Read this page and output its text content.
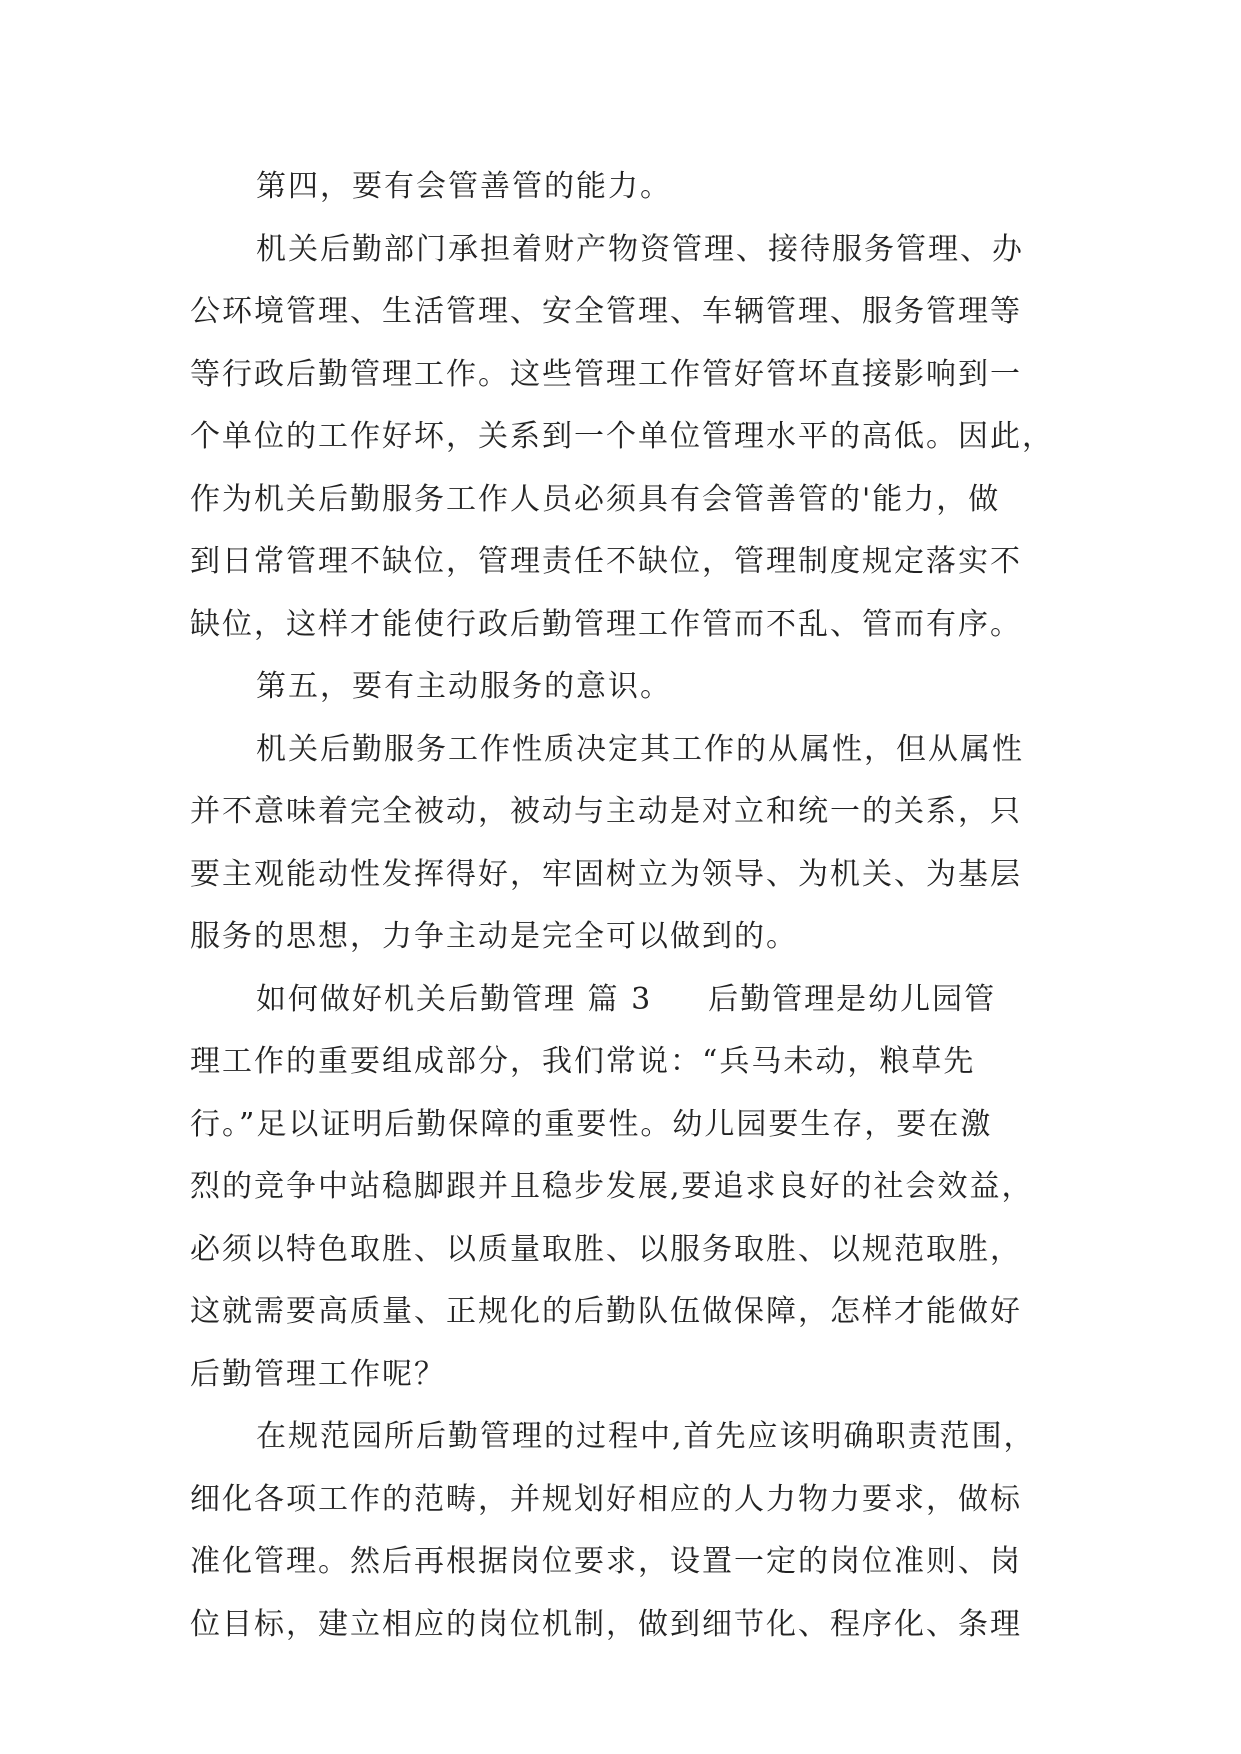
第四，要有会管善管的能力。
机关后勤部门承担着财产物资管理、接待服务管理、办
公环境管理、生活管理、安全管理、车辆管理、服务管理等
等行政后勤管理工作。这些管理工作管好管坏直接影响到一
个单位的工作好坏，关系到一个单位管理水平的高低。因此，
作为机关后勤服务工作人员必须具有会管善管的'能力，做
到日常管理不缺位，管理责任不缺位，管理制度规定落实不
缺位，这样才能使行政后勤管理工作管而不乱、管而有序。
第五，要有主动服务的意识。
机关后勤服务工作性质决定其工作的从属性，但从属性
并不意味着完全被动，被动与主动是对立和统一的关系，只
要主观能动性发挥得好，牢固树立为领导、为机关、为基层
服务的思想，力争主动是完全可以做到的。
如何做好机关后勤管理 篇 3 后勤管理是幼儿园管
理工作的重要组成部分，我们常说：“兵马未动，粮草先
行。”足以证明后勤保障的重要性。幼儿园要生存，要在激
烈的竞争中站稳脚跟并且稳步发展,要追求良好的社会效益，
必须以特色取胜、以质量取胜、以服务取胜、以规范取胜，
这就需要高质量、正规化的后勤队伍做保障，怎样才能做好
后勤管理工作呢？
在规范园所后勤管理的过程中,首先应该明确职责范围，
细化各项工作的范畴，并规划好相应的人力物力要求，做标
准化管理。然后再根据岗位要求，设置一定的岗位准则、岗
位目标，建立相应的岗位机制，做到细节化、程序化、条理
